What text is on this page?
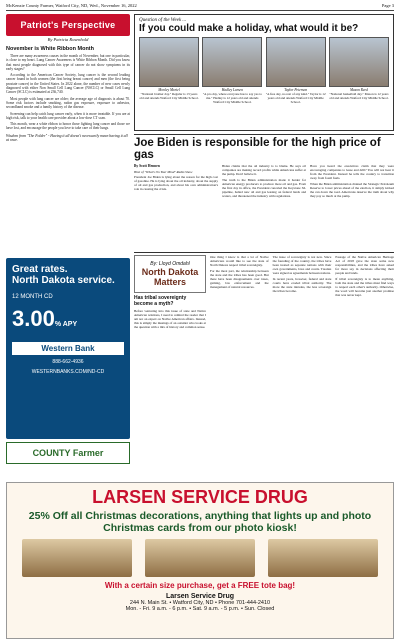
McKenzie County Farmer, Watford City, ND, Wed., November 16, 2022	Page 3
Patriot's Perspective
By Patricia Rosenhold
November is White Ribbon Month

Three are many awareness causes in the month of November, but one in particular, is close to my heart. Lung Cancer Awareness is White Ribbon Month. Did you know that most people diagnosed with this type of cancer do not show symptoms in its early stages?

According to the American Cancer Society, lung cancer is the second leading cancer found in both women (the first being breast cancer) and men (the first being prostate cancer) in the United States. In 2022 alone, the number of new cases newly diagnosed with either Non Small Cell Lung Cancer (NSCLC) or Small Cell Lung Cancer (SCLC) is estimated at 236,740.

Most people with lung cancer are older; the average age of diagnosis is about 70. Some risk factors include smoking, radon gas exposure, exposure to asbestos, secondhand smoke and a family history of the disease.

Screening can help catch lung cancer early, when it is more treatable. If you are at high risk, talk to your health care provider about a low-dose CT scan.

This month, wear a white ribbon to honor those fighting lung cancer and those we have lost, and encourage the people you love to take care of their lungs.

Wisdom from "The Folder" - Having it all doesn't necessarily mean having it all at once.
Great rates.
North Dakota service.
12 MONTH CD
3.00% APY
Western Bank
888-662-4936
WESTERNBANKS.COM/ND-CD
COUNTY Farmer
Question of the Week ...
If you could make a holiday, what would it be?
Monley Moriel
"National brother day." Regular is 13 years old and attends Watford City Middle School.
Hadley Larsen
"A pro day, where everyone has to say yes to me." Hadley is 12 years old and attends Watford City Middle School.
Taylor Peterson
"A free day, no rest of any kind." Taylor is 12 years old and attends Watford City Middle School.
Mason Reed
"National basketball day." Mason is 12 years old and attends Watford City Middle School.
Joe Biden is responsible for the high price of gas

By Scott Hennen

Host of "What's On Your Mind" Radio Show

President Joe Biden is lying about the reason for the high cost of gasoline. He is lying about the oil industry, about the supply of oil and gas production, and about his own administration's role in causing the crisis.

Biden claims that the oil industry is to blame. He says oil companies are making record profits while Americans suffer at the pump. Don't believe it.

The truth is the Biden administration made it harder for American energy producers to produce more oil and gas. From the first day in office, the President canceled the Keystone XL pipeline, halted new oil and gas leasing on federal lands and waters, and threatened the industry with regulations.

Have you heard the executives claim that they were encouraging companies to lease and drill? You will not hear it from the President. Instead he tells the country to transition away from fossil fuels.

When the Biden administration drained the Strategic Petroleum Reserve to lower prices ahead of the election, it simply kicked the can down the road. Americans deserve the truth about why they pay so much at the pump.

By: Lloyd Omdahl
North Dakota
Matters
Has tribal sovereignty become a myth?
Before venturing into this issue of state and Native American relations, I need to remind the reader that I am not an expert on Native American affairs. Instead, this is simply the musings of an outsider who looks at the question with a mix of history and common sense.

One thing I know is that a lot of Native Americans would like to see the state of North Dakota respect tribal sovereignty.

For the most part, the relationship between the state and the tribes has been good. But there have been disagreements over taxes, gaming, law enforcement and the management of natural resources.

The issue of sovereignty is not new. Since the founding of the country, the tribes have been treated as separate nations with their own governments, laws and courts. Treaties were signed as agreements between nations.

In recent years, however, federal and state courts have eroded tribal authority. The more the state intrudes, the less sovereign the tribes become.

Passage of the Native American Heritage Act of 2018 gave the state some new responsibilities, and the tribes have asked for more say in decisions affecting their people and lands.

If tribal sovereignty is to mean anything, both the state and the tribes must find ways to respect each other's authority. Otherwise, the word will become just another promise that was never kept.

LARSEN SERVICE DRUG
25% Off all Christmas decorations, anything that lights up and photo Christmas cards from our photo kiosk!
With a certain size purchase, get a FREE tote bag!
Larsen Service Drug
244 N. Main St. • Watford City, ND • Phone 701-444-2410
Mon. - Fri. 9 a.m. - 6 p.m. • Sat. 9 a.m. - 5 p.m. • Sun. Closed
